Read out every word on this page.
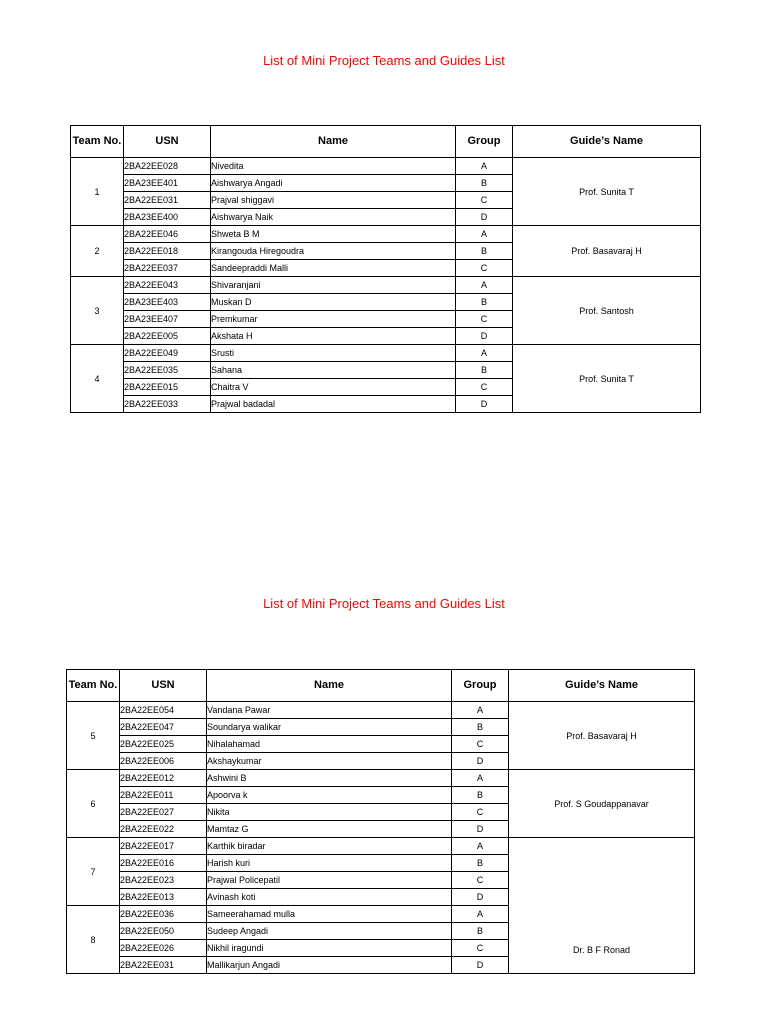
List of Mini Project Teams and Guides List
Team No.	USN	Name	Group	Guide’s Name
1	2BA22EE028	Nivedita	A	Prof. Sunita T
	2BA23EE401	Aishwarya Angadi	B	
	2BA22EE031	Prajval shiggavi	C	
	2BA23EE400	Aishwarya Naik	D	
2	2BA22EE046	Shweta B M	A	Prof. Basavaraj H
	2BA22EE018	Kirangouda Hiregoudra	B	
	2BA22EE037	Sandeepraddi Malli	C	
3	2BA22EE043	Shivaranjani	A	Prof. Santosh
	2BA23EE403	Muskan D	B	
	2BA23EE407	Premkumar	C	
	2BA22EE005	Akshata H	D	
4	2BA22EE049	Srusti	A	Prof. Sunita T
	2BA22EE035	Sahana	B	
	2BA22EE015	Chaitra V	C	
	2BA22EE033	Prajwal badadal	D	
List of Mini Project Teams and Guides List
Team No.	USN	Name	Group	Guide’s Name
5	2BA22EE054	Vandana Pawar	A	Prof. Basavaraj H
	2BA22EE047	Soundarya walikar	B	
	2BA22EE025	Nihalahamad	C	
	2BA22EE006	Akshaykumar	D	
6	2BA22EE012	Ashwini B	A	Prof. S Goudappanavar
	2BA22EE011	Apoorva k	B	
	2BA22EE027	Nikita	C	
	2BA22EE022	Mamtaz G	D	
7	2BA22EE017	Karthik biradar	A	Dr. B F Ronad
	2BA22EE016	Harish kuri	B	
	2BA22EE023	Prajwal Policepatil	C	
	2BA22EE013	Avinash koti	D	
8	2BA22EE036	Sameerahamad mulla	A	
	2BA22EE050	Sudeep Angadi	B	
	2BA22EE026	Nikhil iragundi	C	
	2BA22EE031	Mallikarjun Angadi	D	
